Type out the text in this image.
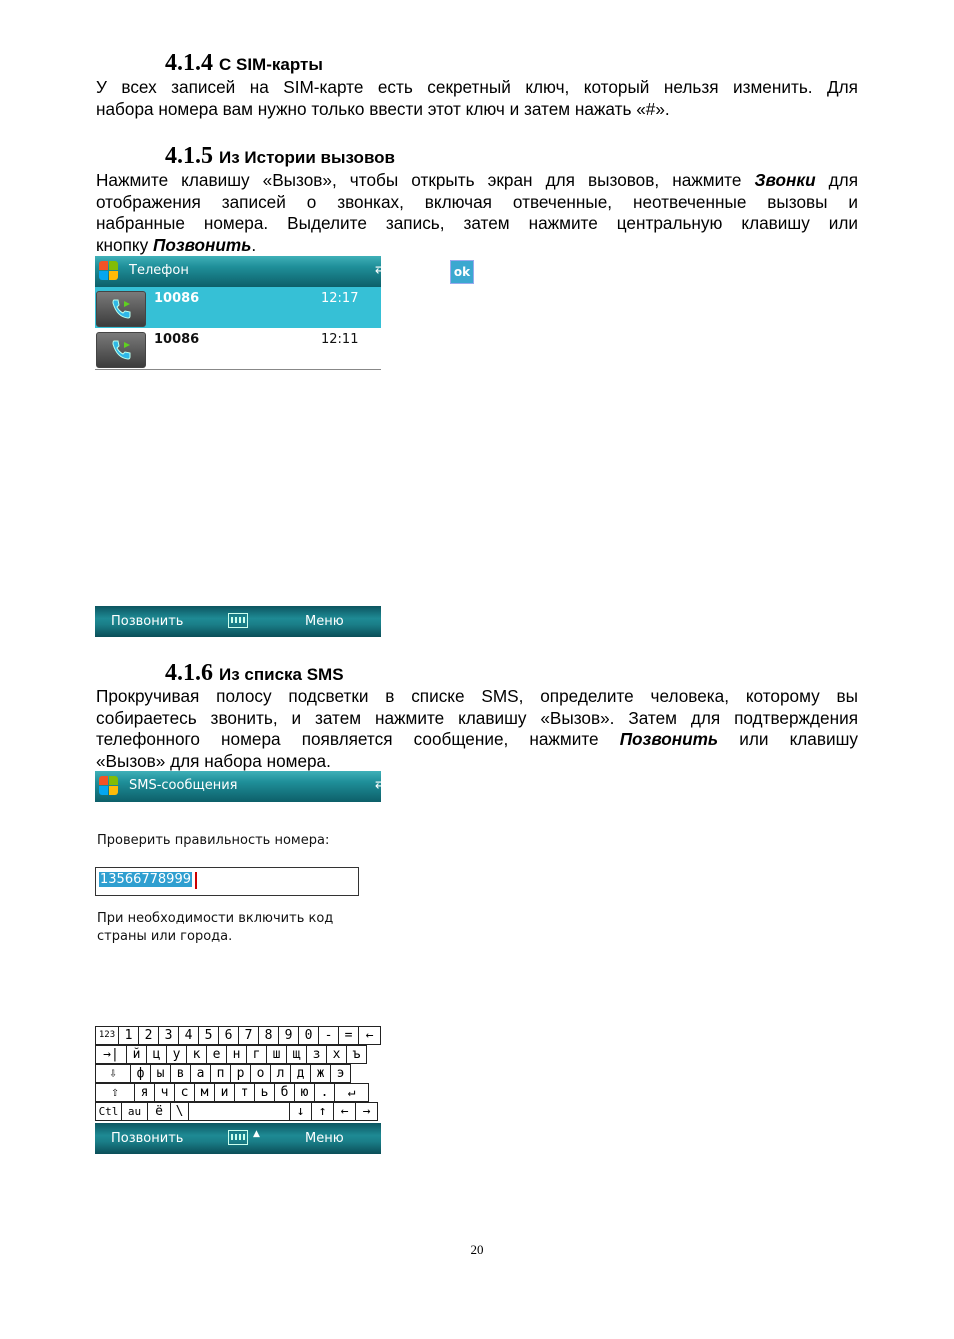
4.1.4 С SIM-карты
У всех записей на SIM-карте есть секретный ключ, который нельзя изменить. Для
набора номера вам нужно только ввести этот ключ и затем нажать «#».
4.1.5 Из Истории вызовов
Нажмите клавишу «Вызов», чтобы открыть экран для вызовов, нажмите Звонки для
отображения записей о звонках, включая отвеченные, неотвеченные вызовы и
набранные номера. Выделите запись, затем нажмите центральную клавишу или
кнопку Позвонить.
Телефон	⇄ Y ◀	ok
10086	12:17
10086	12:11
Позвонить	Меню
4.1.6 Из списка SMS
Прокручивая полосу подсветки в списке SMS, определите человека, которому вы
собираетесь звонить, и затем нажмите клавишу «Вызов». Затем для подтверждения
телефонного номера появляется сообщение, нажмите Позвонить или клавишу
«Вызов» для набора номера.
SMS-сообщения	⇄ Y ◀
Проверить правильность номера:
13566778999
При необходимости включить код
страны или города.
123 1 2 3 4 5 6 7 8 9 0 - =	←
→|	й ц у к е н г ш щ з х ъ
⇩	ф ы в а п р о л д ж э
⇧	я ч с м и т ь б ю .	↵
Ctl au	ё \	↓	↑	←	→
Позвонить	▲	Меню
20
